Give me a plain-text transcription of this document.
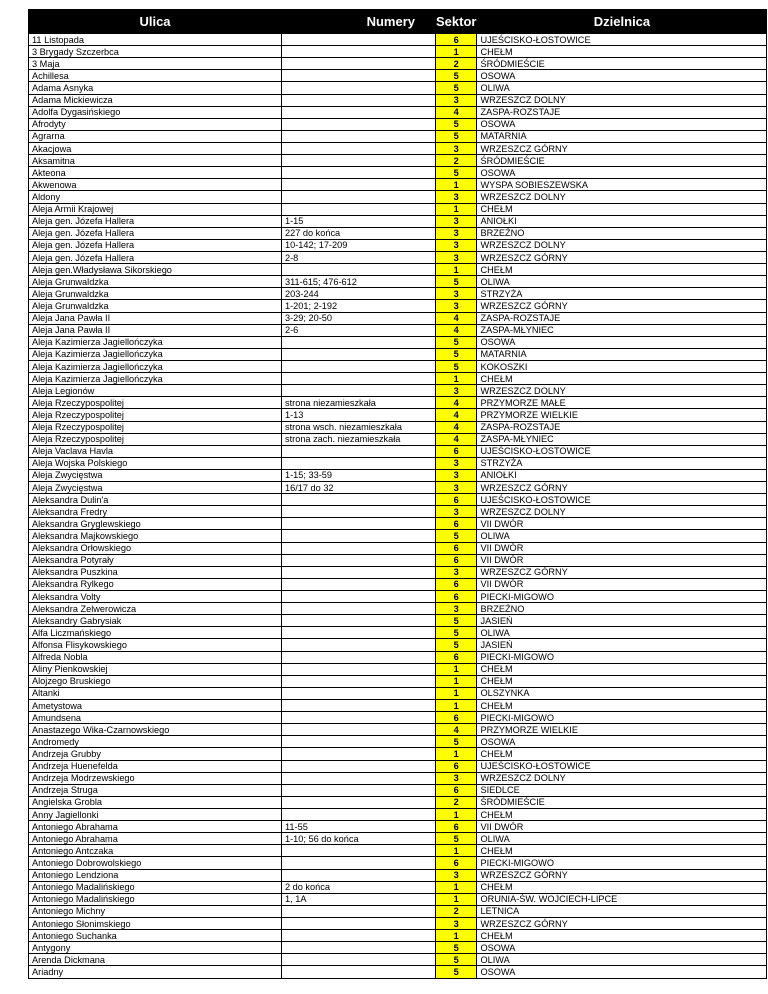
Ulica	Numery	Sektor	Dzielnica
11 Listopada		6	UJEŚCISKO-ŁOSTOWICE
3 Brygady Szczerbca		1	CHEŁM
3 Maja		2	ŚRÓDMIEŚCIE
Achillesa		5	OSOWA
Adama Asnyka		5	OLIWA
Adama Mickiewicza		3	WRZESZCZ DOLNY
Adolfa Dygasińskiego		4	ZASPA-ROZSTAJE
Afrodyty		5	OSOWA
Agrarna		5	MATARNIA
Akacjowa		3	WRZESZCZ GÓRNY
Aksamitna		2	ŚRÓDMIEŚCIE
Akteona		5	OSOWA
Akwenowa		1	WYSPA SOBIESZEWSKA
Aldony		3	WRZESZCZ DOLNY
Aleja Armii Krajowej		1	CHEŁM
Aleja gen. Józefa Hallera	1-15	3	ANIOŁKI
Aleja gen. Józefa Hallera	227 do końca	3	BRZEŹNO
Aleja gen. Józefa Hallera	10-142; 17-209	3	WRZESZCZ DOLNY
Aleja gen. Józefa Hallera	2-8	3	WRZESZCZ GÓRNY
Aleja gen.Władysława Sikorskiego		1	CHEŁM
Aleja Grunwaldzka	311-615; 476-612	5	OLIWA
Aleja Grunwaldzka	203-244	3	STRZYŻA
Aleja Grunwaldzka	1-201; 2-192	3	WRZESZCZ GÓRNY
Aleja Jana Pawła II	3-29; 20-50	4	ZASPA-ROZSTAJE
Aleja Jana Pawła II	2-6	4	ZASPA-MŁYNIEC
Aleja Kazimierza Jagiellończyka		5	OSOWA
Aleja Kazimierza Jagiellończyka		5	MATARNIA
Aleja Kazimierza Jagiellończyka		5	KOKOSZKI
Aleja Kazimierza Jagiellończyka		1	CHEŁM
Aleja Legionów		3	WRZESZCZ DOLNY
Aleja Rzeczypospolitej	strona niezamieszkała	4	PRZYMORZE MAŁE
Aleja Rzeczypospolitej	1-13	4	PRZYMORZE WIELKIE
Aleja Rzeczypospolitej	strona wsch. niezamieszkała	4	ZASPA-ROZSTAJE
Aleja Rzeczypospolitej	strona zach. niezamieszkała	4	ZASPA-MŁYNIEC
Aleja Vaclava Havla		6	UJEŚCISKO-ŁOSTOWICE
Aleja Wojska Polskiego		3	STRZYŻA
Aleja Zwycięstwa	1-15; 33-59	3	ANIOŁKI
Aleja Zwycięstwa	16/17 do 32	3	WRZESZCZ GÓRNY
Aleksandra Dulin'a		6	UJEŚCISKO-ŁOSTOWICE
Aleksandra Fredry		3	WRZESZCZ DOLNY
Aleksandra Gryglewskiego		6	VII DWÓR
Aleksandra Majkowskiego		5	OLIWA
Aleksandra Orłowskiego		6	VII DWÓR
Aleksandra Potyrały		6	VII DWÓR
Aleksandra Puszkina		3	WRZESZCZ GÓRNY
Aleksandra Rylkego		6	VII DWÓR
Aleksandra Volty		6	PIECKI-MIGOWO
Aleksandra Zelwerowicza		3	BRZEŹNO
Aleksandry Gabrysiak		5	JASIEŃ
Alfa Liczmańskiego		5	OLIWA
Alfonsa Flisykowskiego		5	JASIEŃ
Alfreda Nobla		6	PIECKI-MIGOWO
Aliny Pienkowskiej		1	CHEŁM
Alojzego Bruskiego		1	CHEŁM
Altanki		1	OLSZYNKA
Ametystowa		1	CHEŁM
Amundsena		6	PIECKI-MIGOWO
Anastazego Wika-Czarnowskiego		4	PRZYMORZE WIELKIE
Andromedy		5	OSOWA
Andrzeja Grubby		1	CHEŁM
Andrzeja Huenefelda		6	UJEŚCISKO-ŁOSTOWICE
Andrzeja Modrzewskiego		3	WRZESZCZ DOLNY
Andrzeja Struga		6	SIEDLCE
Angielska Grobla		2	ŚRÓDMIEŚCIE
Anny Jagiellonki		1	CHEŁM
Antoniego Abrahama	11-55	6	VII DWÓR
Antoniego Abrahama	1-10; 56 do końca	5	OLIWA
Antoniego Antczaka		1	CHEŁM
Antoniego Dobrowolskiego		6	PIECKI-MIGOWO
Antoniego Lendziona		3	WRZESZCZ GÓRNY
Antoniego Madalińskiego	2 do końca	1	CHEŁM
Antoniego Madalińskiego	1, 1A	1	ORUNIA-ŚW. WOJCIECH-LIPCE
Antoniego Michny		2	LETNICA
Antoniego Słonimskiego		3	WRZESZCZ GÓRNY
Antoniego Suchanka		1	CHEŁM
Antygony		5	OSOWA
Arenda Dickmana		5	OLIWA
Ariadny		5	OSOWA
